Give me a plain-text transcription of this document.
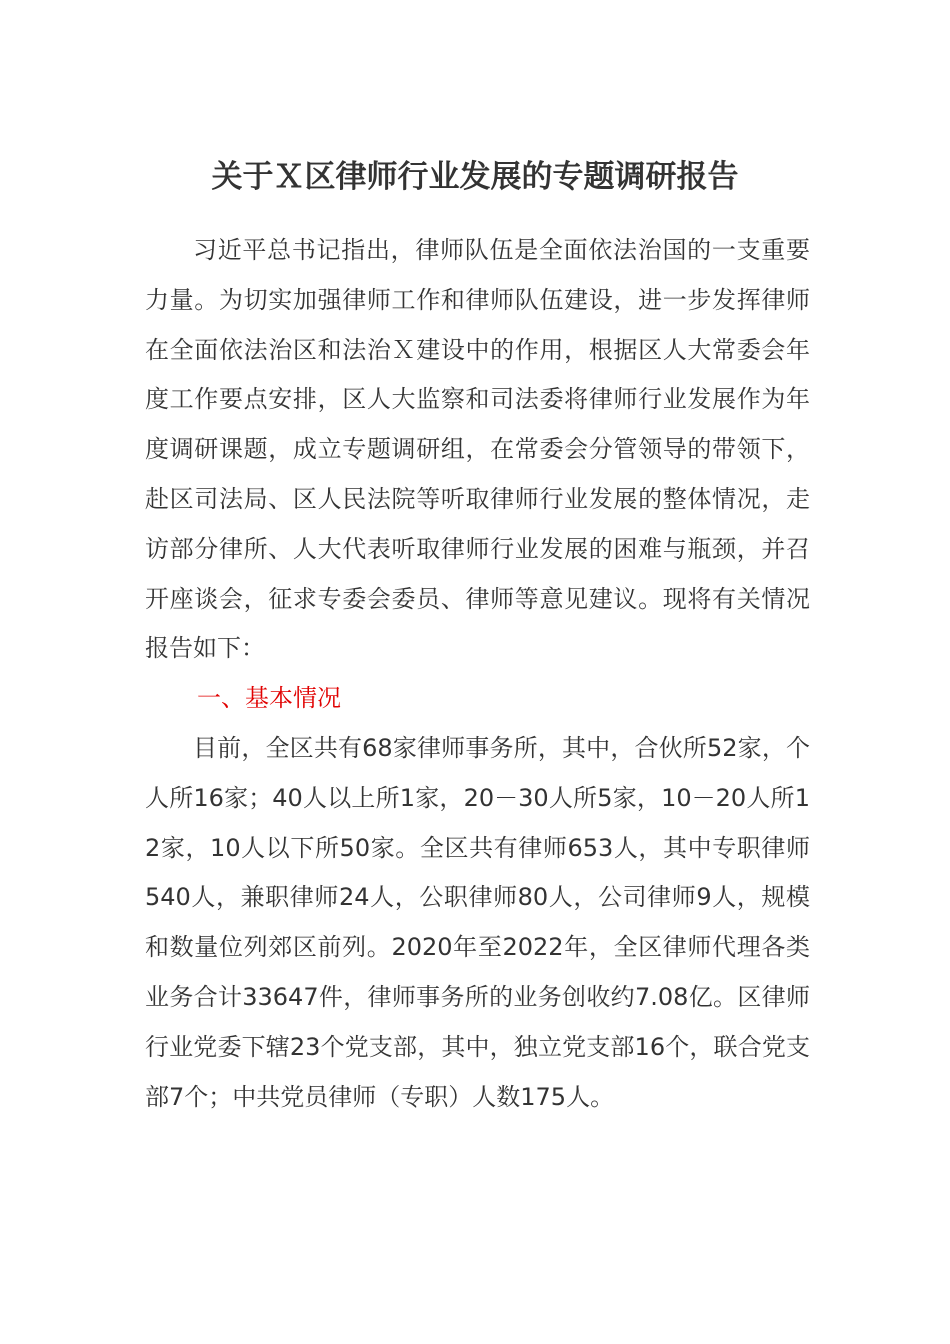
关于Ｘ区律师行业发展的专题调研报告

习近平总书记指出，律师队伍是全面依法治国的一支重要力量。为切实加强律师工作和律师队伍建设，进一步发挥律师在全面依法治区和法治Ｘ建设中的作用，根据区人大常委会年度工作要点安排，区人大监察和司法委将律师行业发展作为年度调研课题，成立专题调研组，在常委会分管领导的带领下，赴区司法局、区人民法院等听取律师行业发展的整体情况，走访部分律所、人大代表听取律师行业发展的困难与瓶颈，并召开座谈会，征求专委会委员、律师等意见建议。现将有关情况报告如下：

一、基本情况

目前，全区共有68家律师事务所，其中，合伙所52家，个人所16家；40人以上所1家，20－30人所5家，10－20人所12家，10人以下所50家。全区共有律师653人，其中专职律师540人，兼职律师24人，公职律师80人，公司律师9人，规模和数量位列郊区前列。2020年至2022年，全区律师代理各类业务合计33647件，律师事务所的业务创收约7.08亿。区律师行业党委下辖23个党支部，其中，独立党支部16个，联合党支部7个；中共党员律师（专职）人数175人。
